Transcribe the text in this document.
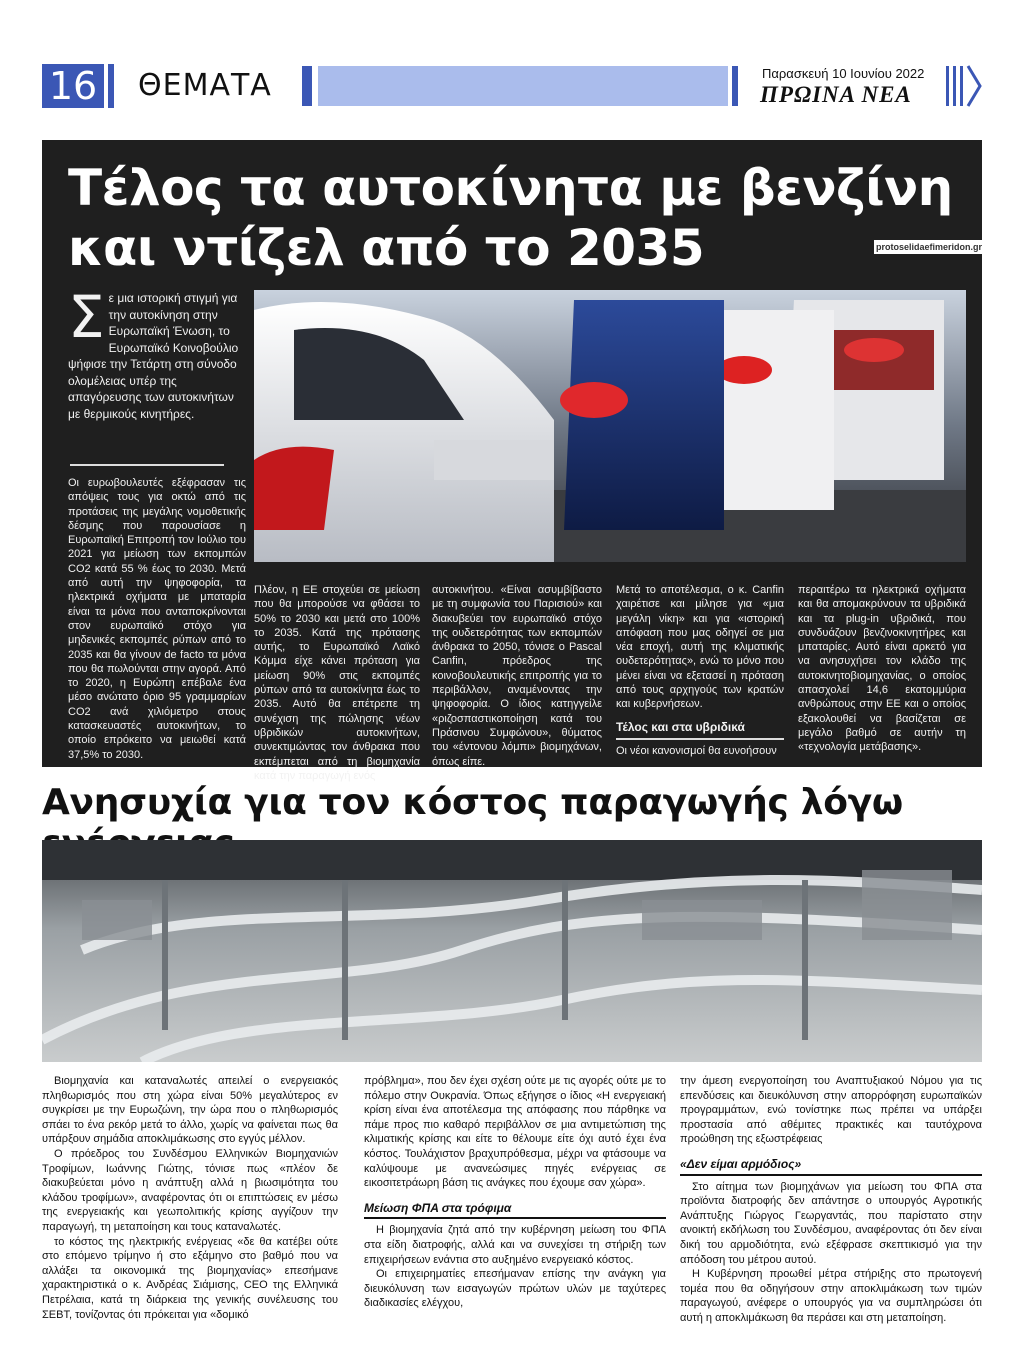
16 ΘΕΜΑΤΑ	Παρασκευή 10 Ιουνίου 2022
ΠΡΩΙΝΑ ΝΕΑ
Τέλος τα αυτοκίνητα με βενζίνη
και ντίζελ από το 2035	protoselidaefimeridon.gr
Σ ε μια ιστορική στιγμή για την αυτοκίνηση στην Ευρωπαϊκή Ένωση, το Ευρωπαϊκό Κοινοβούλιο ψήφισε την Τετάρτη στη σύνοδο ολομέλειας υπέρ της απαγόρευσης των αυτοκινήτων με θερμικούς κινητήρες.
Οι ευρωβουλευτές εξέφρασαν τις απόψεις τους για οκτώ από τις προτάσεις της μεγάλης νομοθετικής δέσμης που παρουσίασε η Ευρωπαϊκή Επιτροπή τον Ιούλιο του 2021 για μείωση των εκπομπών CO2 κατά 55 % έως το 2030. Μετά από αυτή την ψηφοφορία, τα ηλεκτρικά οχήματα με μπαταρία είναι τα μόνα που ανταποκρίνονται στον ευρωπαϊκό στόχο για μηδενικές εκπομπές ρύπων από το 2035 και θα γίνουν de facto τα μόνα που θα πωλούνται στην αγορά. Από το 2020, η Ευρώπη επέβαλε ένα μέσο ανώτατο όριο 95 γραμμαρίων CO2 ανά χιλιόμετρο στους κατασκευαστές αυτοκινήτων, το οποίο επρόκειτο να μειωθεί κατά 37,5% το 2030.
Πλέον, η ΕΕ στοχεύει σε μείωση που θα μπορούσε να φθάσει το 50% το 2030 και μετά στο 100% το 2035. Κατά της πρότασης αυτής, το Ευρωπαϊκό Λαϊκό Κόμμα είχε κάνει πρόταση για μείωση 90% στις εκπομπές ρύπων από τα αυτοκίνητα έως το 2035. Αυτό θα επέτρεπε τη συνέχιση της πώλησης νέων υβριδικών αυτοκινήτων, συνεκτιμώντας τον άνθρακα που εκπέμπεται από τη βιομηχανία κατά την παραγωγή ενός
αυτοκινήτου. «Είναι ασυμβίβαστο με τη συμφωνία του Παρισιού» και διακυβεύει τον ευρωπαϊκό στόχο της ουδετερότητας των εκπομπών άνθρακα το 2050, τόνισε ο Pascal Canfin, πρόεδρος της κοινοβουλευτικής επιτροπής για το περιβάλλον, αναμένοντας την ψηφοφορία. Ο ίδιος κατηγγείλε «ριζοσπαστικοποίηση κατά του Πράσινου Συμφώνου», θύματος του «έντονου λόμπι» βιομηχάνων, όπως είπε.
Μετά το αποτέλεσμα, ο κ. Canfin χαιρέτισε και μίλησε για «μια μεγάλη νίκη» και για «ιστορική απόφαση που μας οδηγεί σε μια νέα εποχή, αυτή της κλιματικής ουδετερότητας», ενώ το μόνο που μένει είναι να εξετασεί η πρόταση από τους αρχηγούς των κρατών και κυβερνήσεων.
Τέλος και στα υβριδικά
Οι νέοι κανονισμοί θα ευνοήσουν
περαιτέρω τα ηλεκτρικά οχήματα και θα απομακρύνουν τα υβριδικά και τα plug-in υβριδικά, που συνδυάζουν βενζινοκινητήρες και μπαταρίες. Αυτό είναι αρκετό για να ανησυχήσει τον κλάδο της αυτοκινητοβιομηχανίας, ο οποίος απασχολεί 14,6 εκατομμύρια ανθρώπους στην ΕΕ και ο οποίος εξακολουθεί να βασίζεται σε μεγάλο βαθμό σε αυτήν τη «τεχνολογία μετάβασης».
Ανησυχία για τον κόστος παραγωγής λόγω

Βιομηχανία και καταναλωτές απειλεί ο ενεργειακός πληθωρισμός που στη χώρα είναι 50% μεγαλύτερος εν συγκρίσει με την Ευρωζώνη, την ώρα που ο πληθωρισμός σπάει το ένα ρεκόρ μετά το άλλο, χωρίς να φαίνεται πως θα υπάρξουν σημάδια αποκλιμάκωσης στο εγγύς μέλλον.

Ο πρόεδρος του Συνδέσμου Ελληνικών Βιομηχανιών Τροφίμων, Ιωάννης Γιώτης, τόνισε πως «πλέον δε διακυβεύεται μόνο η ανάπτυξη αλλά η βιωσιμότητα του κλάδου τροφίμων», αναφέροντας ότι οι επιπτώσεις εν μέσω της ενεργειακής και γεωπολιτικής κρίσης αγγίζουν την παραγωγή, τη μεταποίηση και τους καταναλωτές.

το κόστος της ηλεκτρικής ενέργειας «δε θα κατέβει ούτε στο επόμενο τρίμηνο ή στο εξάμηνο στο βαθμό που να αλλάξει τα οικονομικά της βιομηχανίας» επεσήμανε χαρακτηριστικά ο κ. Ανδρέας Σιάμισης, CEO της Ελληνικά Πετρέλαια, κατά τη διάρκεια της γενικής συνέλευσης του ΣΕΒΤ, τονίζοντας ότι πρόκειται για «δομικό

πρόβλημα», που δεν έχει σχέση ούτε με τις αγορές ούτε με το πόλεμο στην Ουκρανία. Όπως εξήγησε ο ίδιος «Η ενεργειακή κρίση είναι ένα αποτέλεσμα της απόφασης που πάρθηκε να πάμε προς πιο καθαρό περιβάλλον σε μια αντιμετώπιση της κλιματικής κρίσης και είτε το θέλουμε είτε όχι αυτό έχει ένα κόστος. Τουλάχιστον βραχυπρόθεσμα, μέχρι να φτάσουμε να καλύψουμε με ανανεώσιμες πηγές ενέργειας σε εικοσιτετράωρη βάση τις ανάγκες που έχουμε σαν χώρα».

Μείωση ΦΠΑ στα τρόφιμα

Η βιομηχανία ζητά από την κυβέρνηση μείωση του ΦΠΑ στα είδη διατροφής, αλλά και να συνεχίσει τη στήριξη των επιχειρήσεων ενάντια στο αυξημένο ενεργειακό κόστος.

Οι επιχειρηματίες επεσήμαναν επίσης την ανάγκη για διευκόλυνση των εισαγωγών πρώτων υλών με ταχύτερες διαδικασίες ελέγχου,

την άμεση ενεργοποίηση του Αναπτυξιακού Νόμου για τις επενδύσεις και διευκόλυνση στην απορρόφηση ευρωπαϊκών προγραμμάτων, ενώ τονίστηκε πως πρέπει να υπάρξει προστασία από αθέμιτες πρακτικές και ταυτόχρονα προώθηση της εξωστρέφειας

«Δεν είμαι αρμόδιος»

Στο αίτημα των βιομηχάνων για μείωση του ΦΠΑ στα προϊόντα διατροφής δεν απάντησε ο υπουργός Αγροτικής Ανάπτυξης Γιώργος Γεωργαντάς, που παρίστατο στην ανοικτή εκδήλωση του Συνδέσμου, αναφέροντας ότι δεν είναι δική του αρμοδιότητα, ενώ εξέφρασε σκεπτικισμό για την απόδοση του μέτρου αυτού.

Η Κυβέρνηση προωθεί μέτρα στήριξης στο πρωτογενή τομέα που θα οδηγήσουν στην αποκλιμάκωση των τιμών παραγωγού, ανέφερε ο υπουργός για να συμπληρώσει ότι αυτή η αποκλιμάκωση θα περάσει και στη μεταποίηση.
